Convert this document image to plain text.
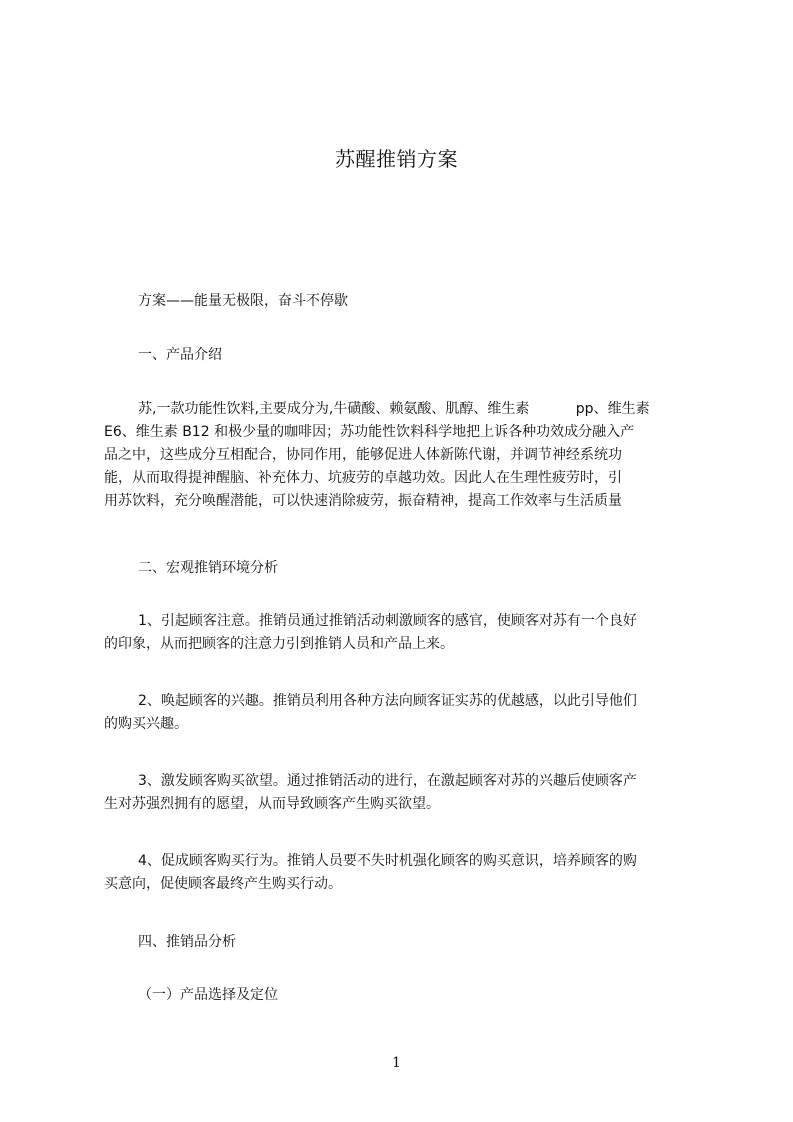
苏醒推销方案
方案——能量无极限，奋斗不停歇
一、产品介绍
苏,一款功能性饮料,主要成分为,牛磺酸、赖氨酸、肌醇、维生素　　　 pp、维生素
E6、维生素 B12 和极少量的咖啡因；苏功能性饮料科学地把上诉各种功效成分融入产
品之中，这些成分互相配合，协同作用，能够促进人体新陈代谢，并调节神经系统功
能，从而取得提神醒脑、补充体力、坑疲劳的卓越功效。因此人在生理性疲劳时，引
用苏饮料，充分唤醒潜能，可以快速消除疲劳，振奋精神，提高工作效率与生活质量
二、宏观推销环境分析
1、引起顾客注意。推销员通过推销活动刺激顾客的感官，使顾客对苏有一个良好
的印象，从而把顾客的注意力引到推销人员和产品上来。
2、唤起顾客的兴趣。推销员利用各种方法向顾客证实苏的优越感，以此引导他们
的购买兴趣。
3、激发顾客购买欲望。通过推销活动的进行，在激起顾客对苏的兴趣后使顾客产
生对苏强烈拥有的愿望，从而导致顾客产生购买欲望。
4、促成顾客购买行为。推销人员要不失时机强化顾客的购买意识，培养顾客的购
买意向，促使顾客最终产生购买行动。
四、推销品分析
（一）产品选择及定位
1
